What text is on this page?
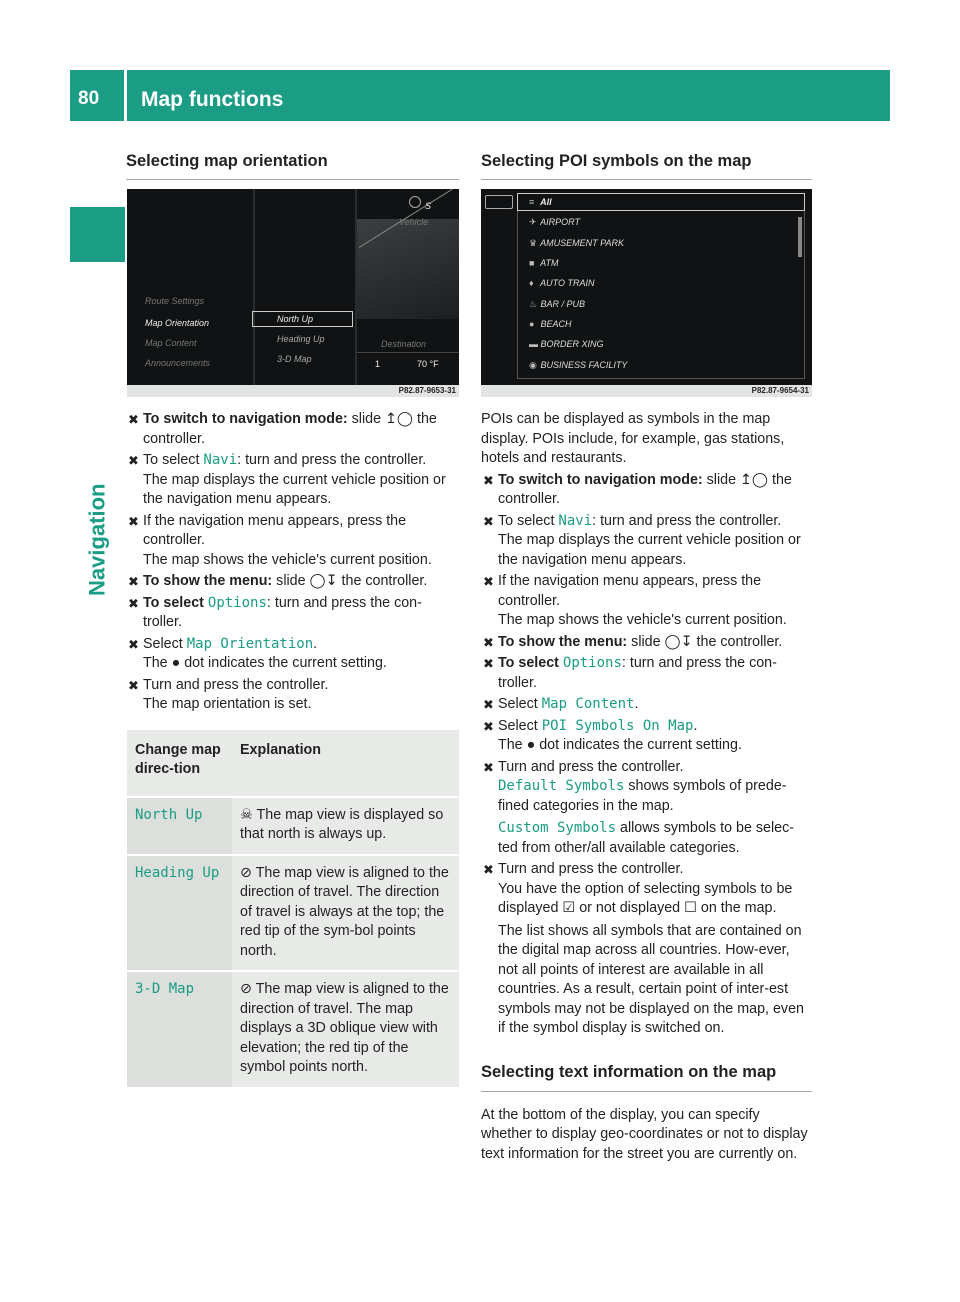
80 Map functions
Navigation
Selecting map orientation
S
Vehicle
Destination
1	70 °F
Route Settings
Map Orientation
Map Content
Announcements
North Up
Heading Up
3-D Map
P82.87-9653-31
✖ To switch to navigation mode: slide ↥◯ the controller.
✖ To select Navi: turn and press the controller.
The map displays the current vehicle position or the navigation menu appears.
✖ If the navigation menu appears, press the controller.
The map shows the vehicle's current position.
✖ To show the menu: slide ◯↧ the controller.
✖ To select Options: turn and press the con-troller.
✖ Select Map Orientation.
The ● dot indicates the current setting.
✖ Turn and press the controller.
The map orientation is set.
Change map direc-tion	Explanation
North Up	☠ The map view is displayed so that north is always up.
Heading Up	⊘ The map view is aligned to the direction of travel. The direction of travel is always at the top; the red tip of the sym-bol points north.
3-D Map	⊘ The map view is aligned to the direction of travel. The map displays a 3D oblique view with elevation; the red tip of the symbol points north.
Selecting POI symbols on the map
≡ All
✈ AIRPORT
♛ AMUSEMENT PARK
■ ATM
♦ AUTO TRAIN
♨ BAR / PUB
● BEACH
▬ BORDER XING
◉ BUSINESS FACILITY
P82.87-9654-31

POIs can be displayed as symbols in the map display. POIs include, for example, gas stations, hotels and restaurants.

✖ To switch to navigation mode: slide ↥◯ the controller.
✖ To select Navi: turn and press the controller.
The map displays the current vehicle position or the navigation menu appears.
✖ If the navigation menu appears, press the controller.
The map shows the vehicle's current position.
✖ To show the menu: slide ◯↧ the controller.
✖ To select Options: turn and press the con-troller.
✖ Select Map Content.
✖ Select POI Symbols On Map.
The ● dot indicates the current setting.
✖ Turn and press the controller.
Default Symbols shows symbols of prede-fined categories in the map.
Custom Symbols allows symbols to be selec-ted from other/all available categories.
✖ Turn and press the controller.
You have the option of selecting symbols to be displayed ☑ or not displayed ☐ on the map.
The list shows all symbols that are contained on the digital map across all countries. How-ever, not all points of interest are available in all countries. As a result, certain point of inter-est symbols may not be displayed on the map, even if the symbol display is switched on.
Selecting text information on the map

At the bottom of the display, you can specify whether to display geo-coordinates or not to display text information for the street you are currently on.
